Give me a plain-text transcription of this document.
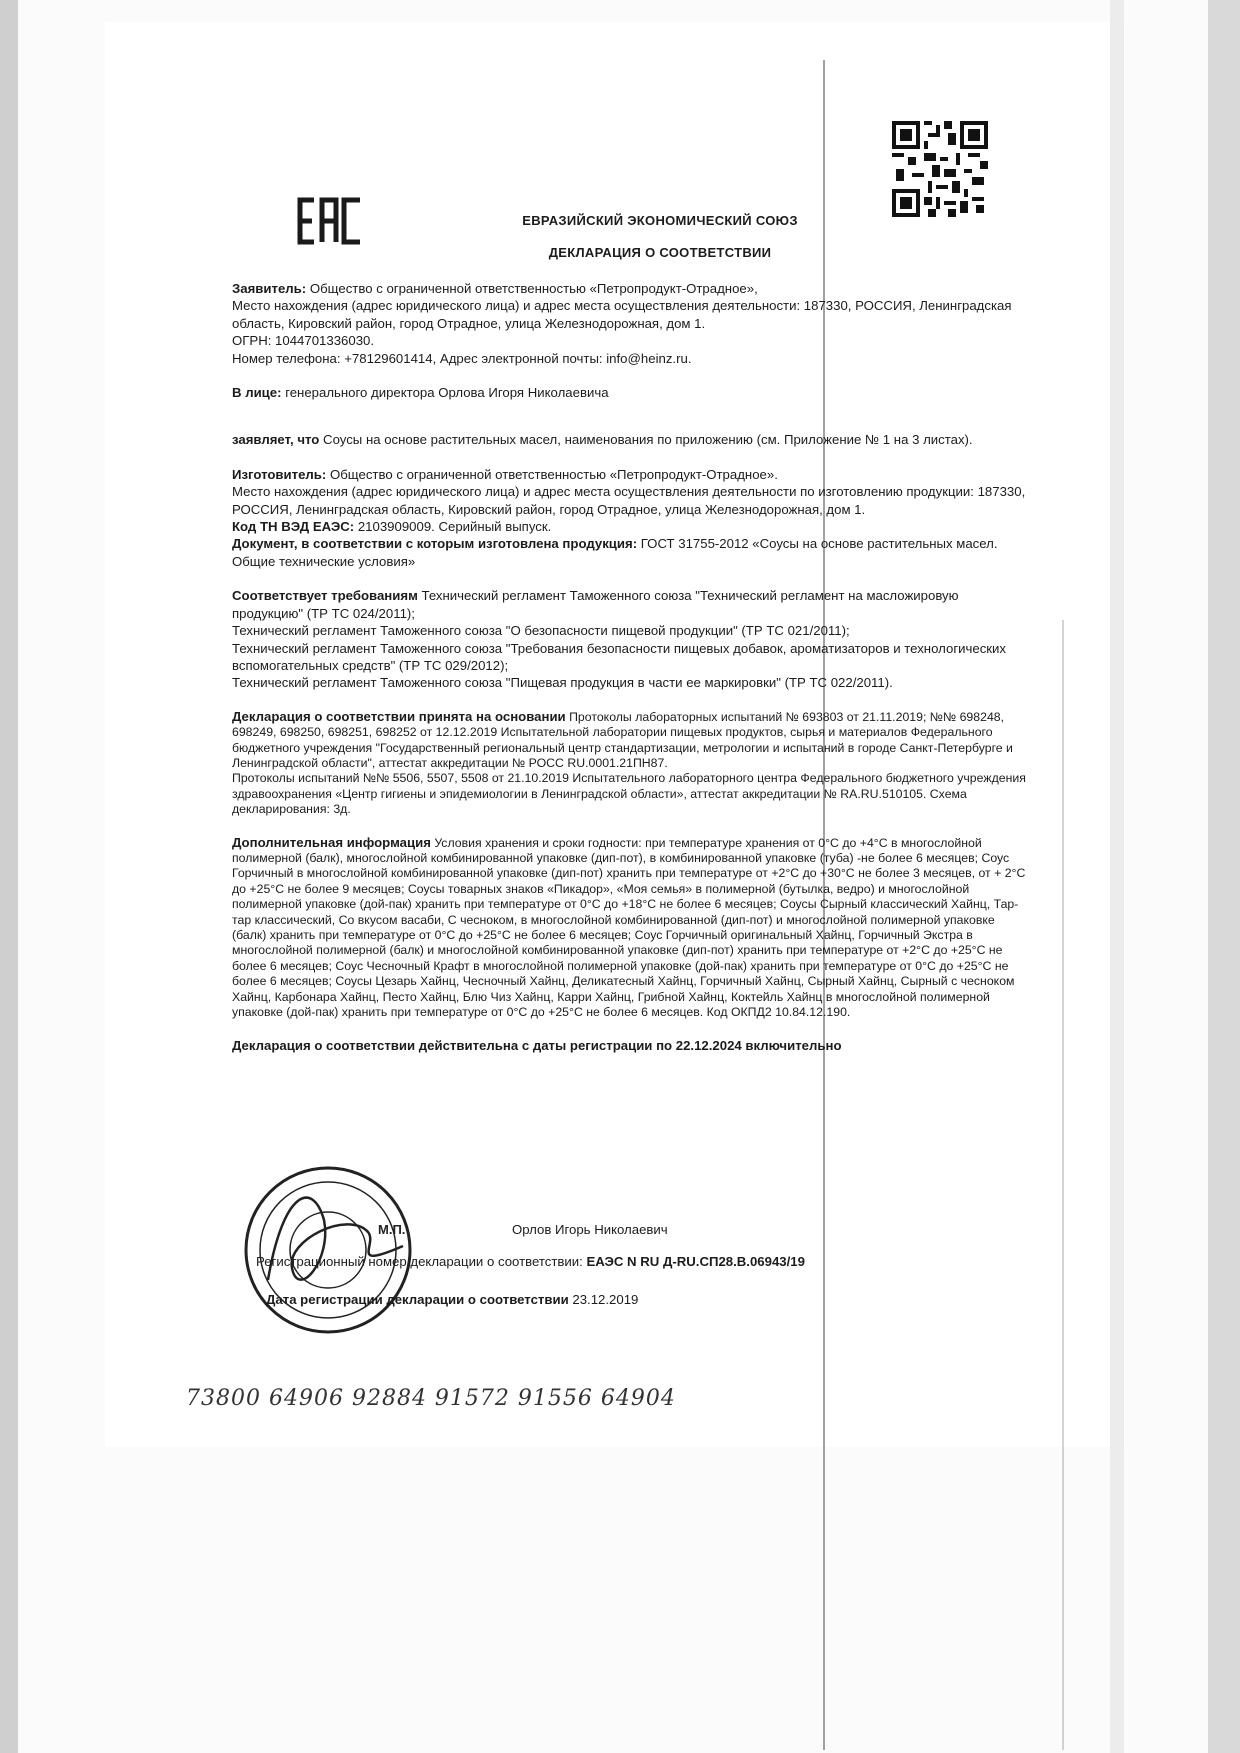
ЕВРАЗИЙСКИЙ ЭКОНОМИЧЕСКИЙ СОЮЗ
ДЕКЛАРАЦИЯ О СООТВЕТСТВИИ

Заявитель: Общество с ограниченной ответственностью «Петропродукт-Отрадное»,

Место нахождения (адрес юридического лица) и адрес места осуществления деятельности: 187330, РОССИЯ, Ленинградская область, Кировский район, город Отрадное, улица Железнодорожная, дом 1.

ОГРН: 1044701336030.

Номер телефона: +78129601414, Адрес электронной почты: info@heinz.ru.

В лице: генерального директора Орлова Игоря Николаевича

заявляет, что Соусы на основе растительных масел, наименования по приложению (см. Приложение № 1 на 3 листах).

Изготовитель: Общество с ограниченной ответственностью «Петропродукт-Отрадное».

Место нахождения (адрес юридического лица) и адрес места осуществления деятельности по изготовлению продукции: 187330, РОССИЯ, Ленинградская область, Кировский район, город Отрадное, улица Железнодорожная, дом 1.

Код ТН ВЭД ЕАЭС: 2103909009. Серийный выпуск.

Документ, в соответствии с которым изготовлена продукция: ГОСТ 31755-2012 «Соусы на основе растительных масел. Общие технические условия»

Соответствует требованиям Технический регламент Таможенного союза "Технический регламент на масложировую продукцию" (ТР ТС 024/2011);

Технический регламент Таможенного союза "О безопасности пищевой продукции" (ТР ТС 021/2011);

Технический регламент Таможенного союза "Требования безопасности пищевых добавок, ароматизаторов и технологических вспомогательных средств" (ТР ТС 029/2012);

Технический регламент Таможенного союза "Пищевая продукция в части ее маркировки" (ТР ТС 022/2011).

Декларация о соответствии принята на основании Протоколы лабораторных испытаний № 693803 от 21.11.2019; №№ 698248, 698249, 698250, 698251, 698252 от 12.12.2019 Испытательной лаборатории пищевых продуктов, сырья и материалов Федерального бюджетного учреждения "Государственный региональный центр стандартизации, метрологии и испытаний в городе Санкт-Петербурге и Ленинградской области", аттестат аккредитации № РОСС RU.0001.21ПН87.

Протоколы испытаний №№ 5506, 5507, 5508 от 21.10.2019 Испытательного лабораторного центра Федерального бюджетного учреждения здравоохранения «Центр гигиены и эпидемиологии в Ленинградской области», аттестат аккредитации № RA.RU.510105. Схема декларирования: 3д.

Дополнительная информация Условия хранения и сроки годности: при температуре хранения от 0°С до +4°С в многослойной полимерной (балк), многослойной комбинированной упаковке (дип-пот), в комбинированной упаковке (туба) -не более 6 месяцев; Соус Горчичный в многослойной комбинированной упаковке (дип-пот) хранить при температуре от +2°С до +30°С не более 3 месяцев, от + 2°С до +25°С не более 9 месяцев; Соусы товарных знаков «Пикадор», «Моя семья» в полимерной (бутылка, ведро) и многослойной полимерной упаковке (дой-пак) хранить при температуре от 0°С до +18°С не более 6 месяцев; Соусы Сырный классический Хайнц, Тар-тар классический, Со вкусом васаби, С чесноком, в многослойной комбинированной (дип-пот) и многослойной полимерной упаковке (балк) хранить при температуре от 0°С до +25°С не более 6 месяцев; Соус Горчичный оригинальный Хайнц, Горчичный Экстра в многослойной полимерной (балк) и многослойной комбинированной упаковке (дип-пот) хранить при температуре от +2°С до +25°С не более 6 месяцев; Соус Чесночный Крафт в многослойной полимерной упаковке (дой-пак) хранить при температуре от 0°С до +25°С не более 6 месяцев; Соусы Цезарь Хайнц, Чесночный Хайнц, Деликатесный Хайнц, Горчичный Хайнц, Сырный Хайнц, Сырный с чесноком Хайнц, Карбонара Хайнц, Песто Хайнц, Блю Чиз Хайнц, Карри Хайнц, Грибной Хайнц, Коктейль Хайнц в многослойной полимерной упаковке (дой-пак) хранить при температуре от 0°С до +25°С не более 6 месяцев. Код ОКПД2 10.84.12.190.

Декларация о соответствии действительна с даты регистрации по 22.12.2024 включительно

М.П.	Орлов Игорь Николаевич
Регистрационный номер декларации о соответствии: ЕАЭС N RU Д-RU.СП28.В.06943/19
Дата регистрации декларации о соответствии 23.12.2019
73800 64906 92884 91572 91556 64904
